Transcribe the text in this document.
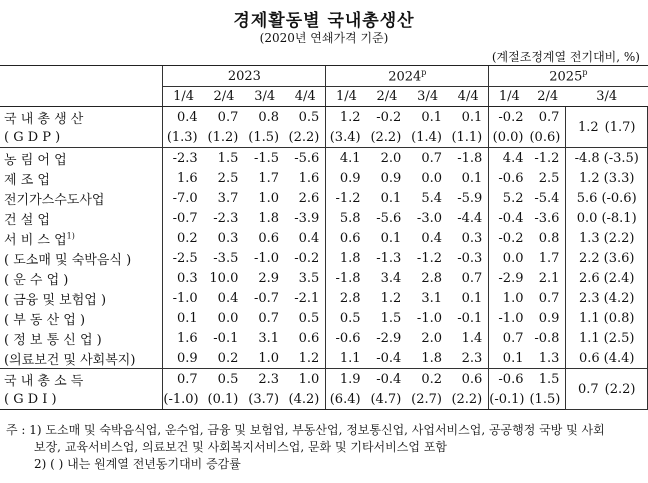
경제활동별 국내총생산
(2020년 연쇄가격 기준)
(계절조정계열 전기대비, %)
	2023				2024$^p$				2025$^p$
	1/4	2/4	3/4	4/4	1/4	2/4	3/4	4/4	1/4	2/4	3/4
국 내 총 생 산	0.4	0.7	0.8	0.5	1.2	-0.2	0.1	0.1	-0.2	0.7	1.2 (1.7)
( G D P )	(1.3)	(1.2)	(1.5)	(2.2)	(3.4)	(2.2)	(1.4)	(1.1)	(0.0)	(0.6)	
농 림 어 업	-2.3	1.5	-1.5	-5.6	4.1	2.0	0.7	-1.8	4.4	-1.2	-4.8 (-3.5)
제 조 업	1.6	2.5	1.7	1.6	0.9	0.9	0.0	0.1	-0.6	2.5	1.2 (3.3)
전기가스수도사업	-7.0	3.7	1.0	2.6	-1.2	0.1	5.4	-5.9	5.2	-5.4	5.6 (-0.6)
건 설 업	-0.7	-2.3	1.8	-3.9	5.8	-5.6	-3.0	-4.4	-0.4	-3.6	0.0 (-8.1)
서 비 스 업$^{1)}$	0.2	0.3	0.6	0.4	0.6	0.1	0.4	0.3	-0.2	0.8	1.3 (2.2)
( 도소매 및 숙박음식 )	-2.5	-3.5	-1.0	-0.2	1.8	-1.3	-1.2	-0.3	0.0	1.7	2.2 (3.6)
( 운 수 업 )	0.3	10.0	2.9	3.5	-1.8	3.4	2.8	0.7	-2.9	2.1	2.6 (2.4)
( 금융 및 보험업 )	-1.0	0.4	-0.7	-2.1	2.8	1.2	3.1	0.1	1.0	0.7	2.3 (4.2)
( 부 동 산 업 )	0.1	0.0	0.7	0.5	0.5	1.5	-1.0	-0.1	-1.0	0.9	1.1 (0.8)
( 정 보 통 신 업 )	1.6	-0.1	3.1	0.6	-0.6	-2.9	2.0	1.4	0.7	-0.8	1.1 (2.5)
(의료보건 및 사회복지)	0.9	0.2	1.0	1.2	1.1	-0.4	1.8	2.3	0.1	1.3	0.6 (4.4)
국 내 총 소 득	0.7	0.5	2.3	1.0	1.9	-0.4	0.2	0.6	-0.6	1.5	0.7 (2.2)
( G D I )	(-1.0)	(0.1)	(3.7)	(4.2)	(6.4)	(4.7)	(2.7)	(2.2)	(-0.1)	(1.5)	
주 : 1) 도소매 및 숙박음식업, 운수업, 금융 및 보험업, 부동산업, 정보통신업, 사업서비스업, 공공행정 국방 및 사회
보장, 교육서비스업, 의료보건 및 사회복지서비스업, 문화 및 기타서비스업 포함
2) ( ) 내는 원계열 전년동기대비 증감률
